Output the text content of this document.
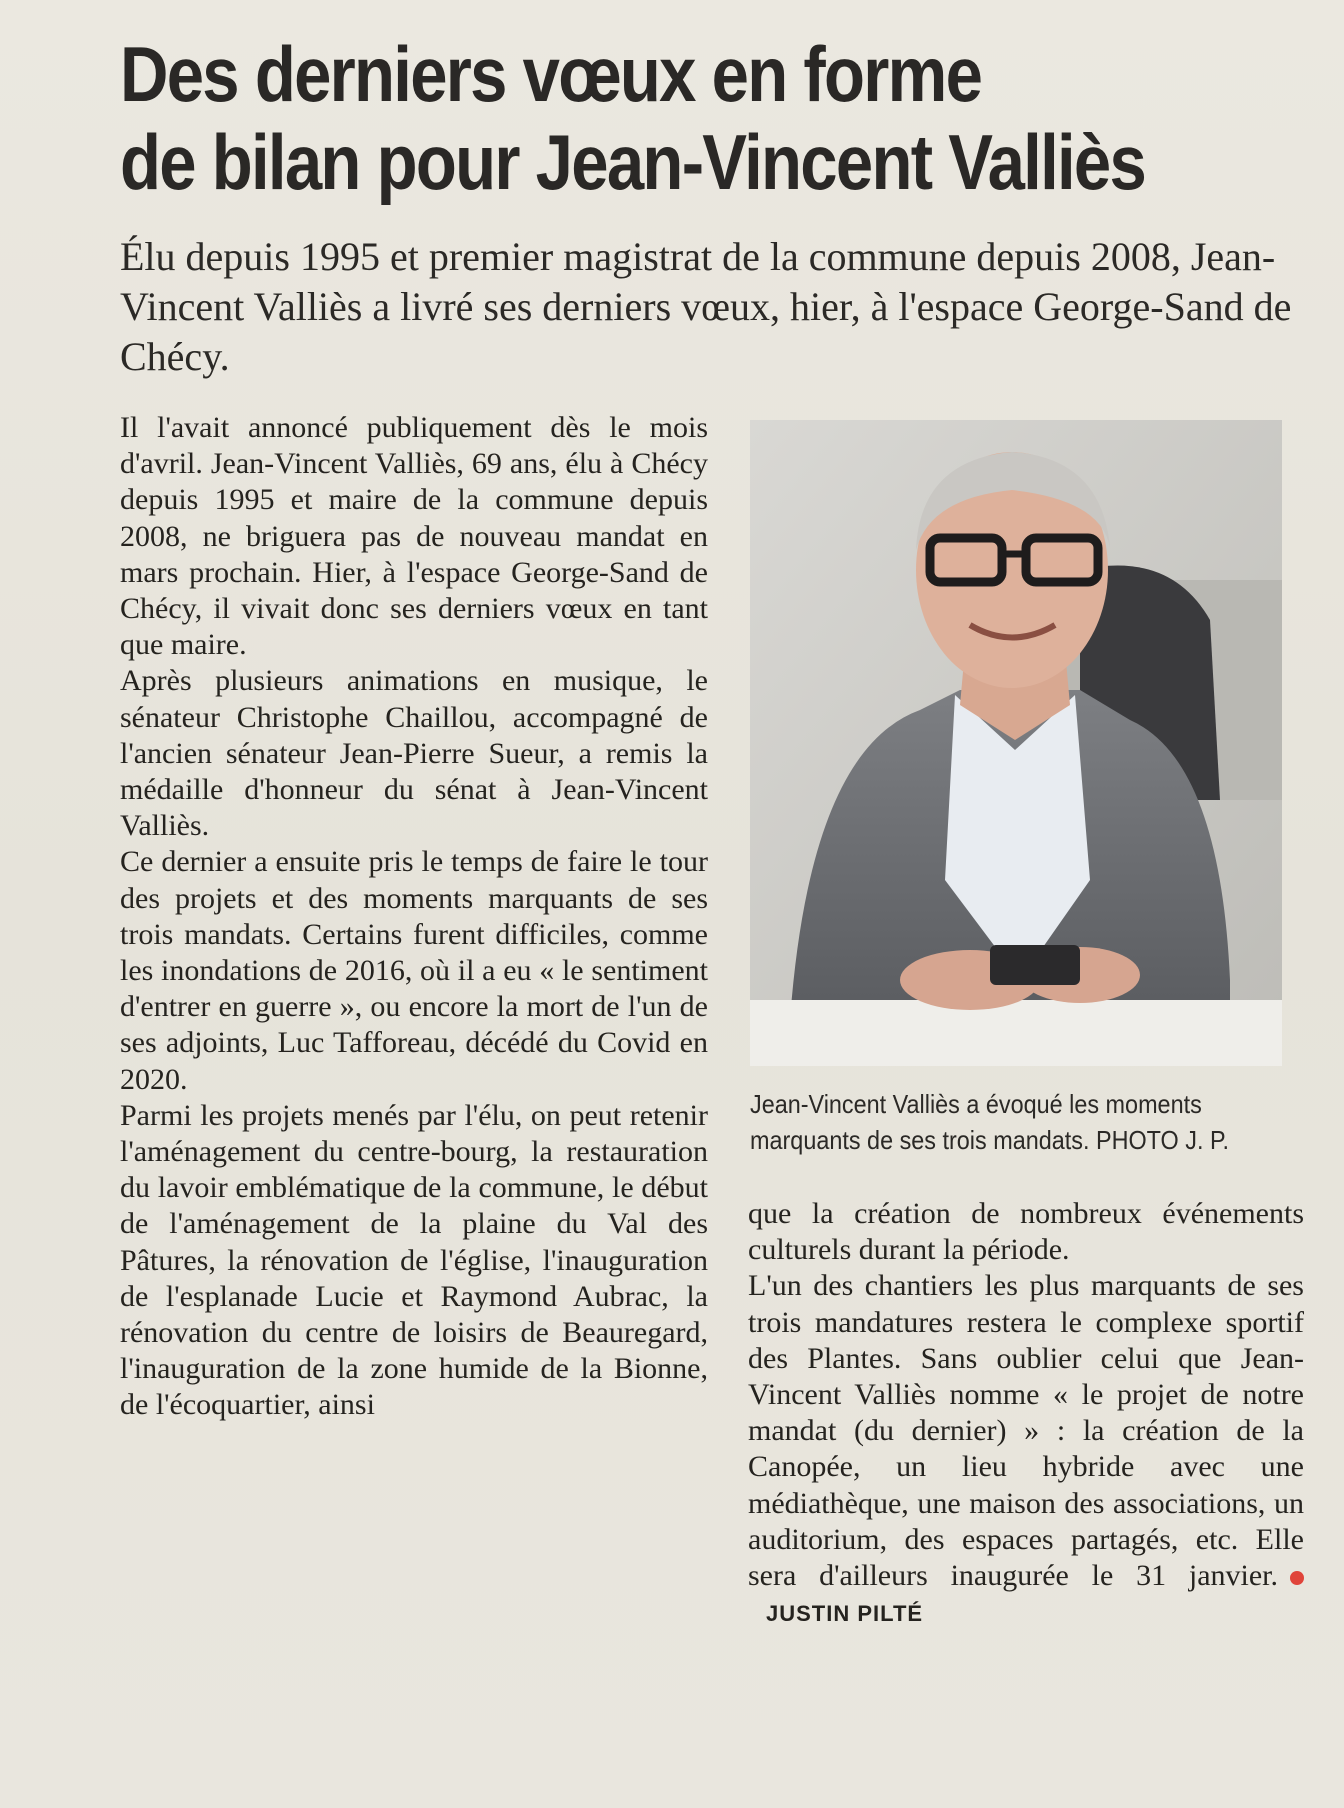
Des derniers vœux en forme
de bilan pour Jean-Vincent Valliès
Élu depuis 1995 et premier magistrat de la commune depuis 2008, Jean-Vincent Valliès a livré ses derniers vœux, hier, à l'espace George-Sand de Chécy.

Il l'avait annoncé publiquement dès le mois d'avril. Jean-Vincent Valliès, 69 ans, élu à Chécy depuis 1995 et maire de la commune depuis 2008, ne briguera pas de nouveau mandat en mars prochain. Hier, à l'espace George-Sand de Chécy, il vivait donc ses derniers vœux en tant que maire.

Après plusieurs animations en musique, le sénateur Christophe Chaillou, accompagné de l'ancien sénateur Jean-Pierre Sueur, a remis la médaille d'honneur du sénat à Jean-Vincent Valliès.

Ce dernier a ensuite pris le temps de faire le tour des projets et des moments marquants de ses trois mandats. Certains furent difficiles, comme les inondations de 2016, où il a eu « le sentiment d'entrer en guerre », ou encore la mort de l'un de ses adjoints, Luc Tafforeau, décédé du Covid en 2020.

Parmi les projets menés par l'élu, on peut retenir l'aménagement du centre-bourg, la restauration du lavoir emblématique de la commune, le début de l'aménagement de la plaine du Val des Pâtures, la rénovation de l'église, l'inauguration de l'esplanade Lucie et Raymond Aubrac, la rénovation du centre de loisirs de Beauregard, l'inauguration de la zone humide de la Bionne, de l'écoquartier, ainsi

Jean-Vincent Valliès a évoqué les moments marquants de ses trois mandats. PHOTO J. P.

que la création de nombreux événements culturels durant la période.

L'un des chantiers les plus marquants de ses trois mandatures restera le complexe sportif des Plantes. Sans oublier celui que Jean-Vincent Valliès nomme « le projet de notre mandat (du dernier) » : la création de la Canopée, un lieu hybride avec une médiathèque, une maison des associations, un auditorium, des espaces partagés, etc. Elle sera d'ailleurs inaugurée le 31 janvier.JUSTIN PILTÉ
